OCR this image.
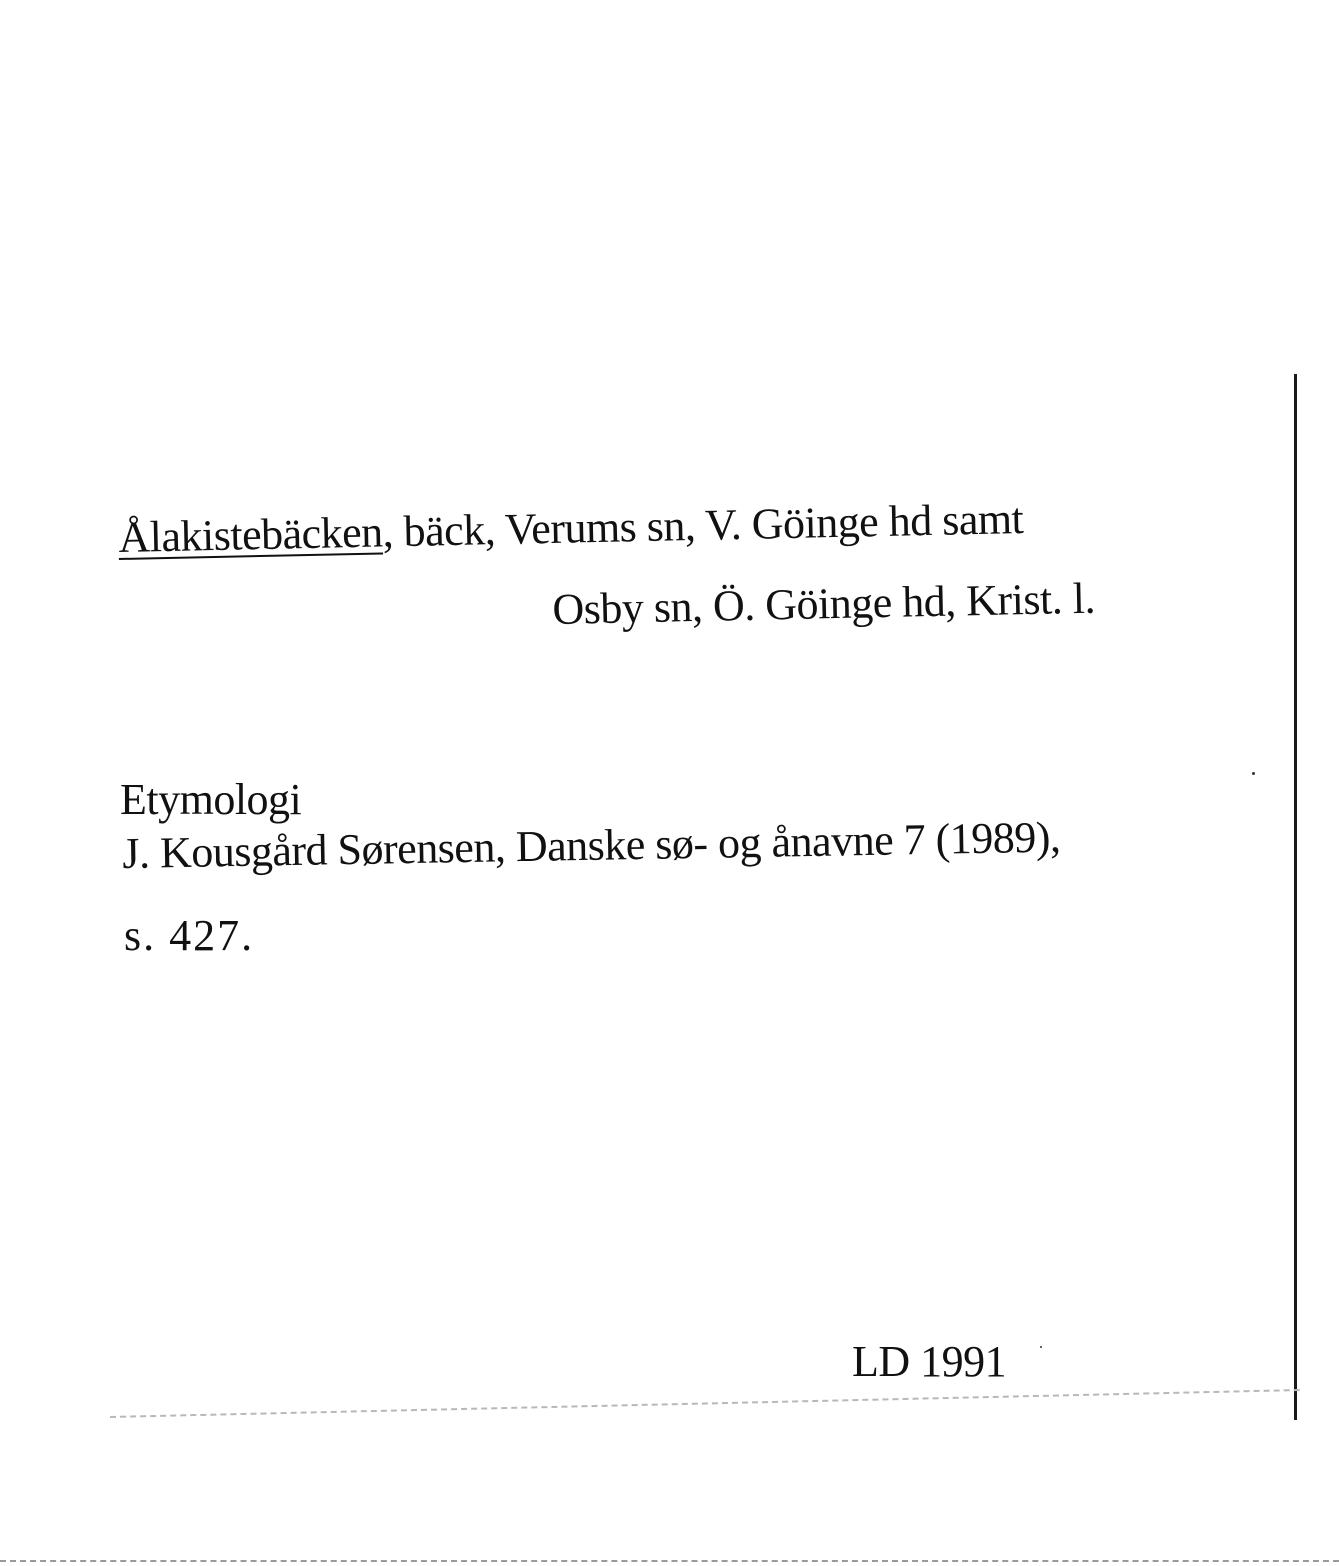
Ålakistebäcken, bäck, Verums sn, V. Göinge hd samt
Osby sn, Ö. Göinge hd, Krist. l.
Etymologi
J. Kousgård Sørensen, Danske sø- og ånavne 7 (1989),
s. 427.
LD 1991
